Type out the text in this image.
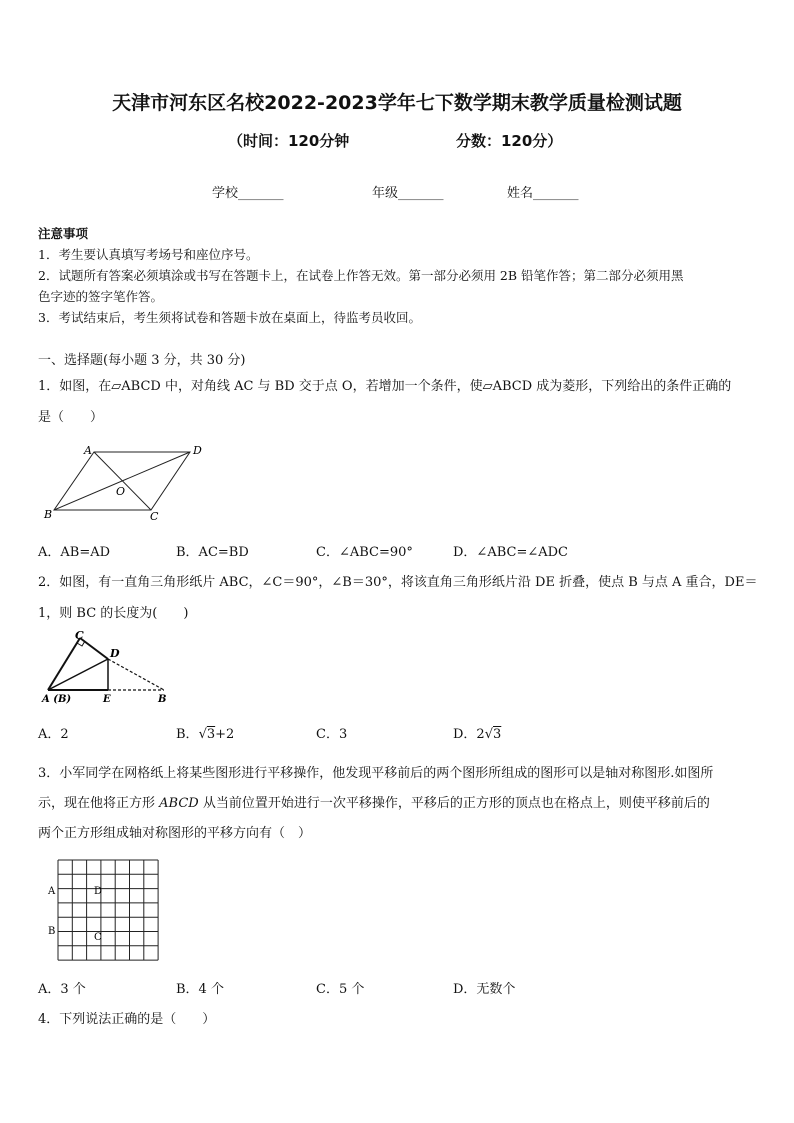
天津市河东区名校2022-2023学年七下数学期末教学质量检测试题
（时间：120分钟	分数：120分）
学校_______	年级_______	姓名_______
注意事项
1．考生要认真填写考场号和座位序号。
2．试题所有答案必须填涂或书写在答题卡上，在试卷上作答无效。第一部分必须用 2B 铅笔作答；第二部分必须用黑
色字迹的签字笔作答。
3．考试结束后，考生须将试卷和答题卡放在桌面上，待监考员收回。
一、选择题(每小题 3 分，共 30 分)
1．如图，在▱ABCD 中，对角线 AC 与 BD 交于点 O，若增加一个条件，使▱ABCD 成为菱形，下列给出的条件正确的
是（　　）
A	D
B	C
O
A．AB=AD	B．AC=BD	C．∠ABC=90°	D．∠ABC=∠ADC
2．如图，有一直角三角形纸片 ABC，∠C＝90°，∠B＝30°，将该直角三角形纸片沿 DE 折叠，使点 B 与点 A 重合，DE＝
1，则 BC 的长度为(　　)
C
D
A (B)	E	B
A．2	B．√3+2	C．3	D．2√3
3．小军同学在网格纸上将某些图形进行平移操作，他发现平移前后的两个图形所组成的图形可以是轴对称图形.如图所
示，现在他将正方形 ABCD 从当前位置开始进行一次平移操作，平移后的正方形的顶点也在格点上，则使平移前后的
两个正方形组成轴对称图形的平移方向有（　）
A
B
D
C
A．3 个	B．4 个	C．5 个	D．无数个
4．下列说法正确的是（　　）
